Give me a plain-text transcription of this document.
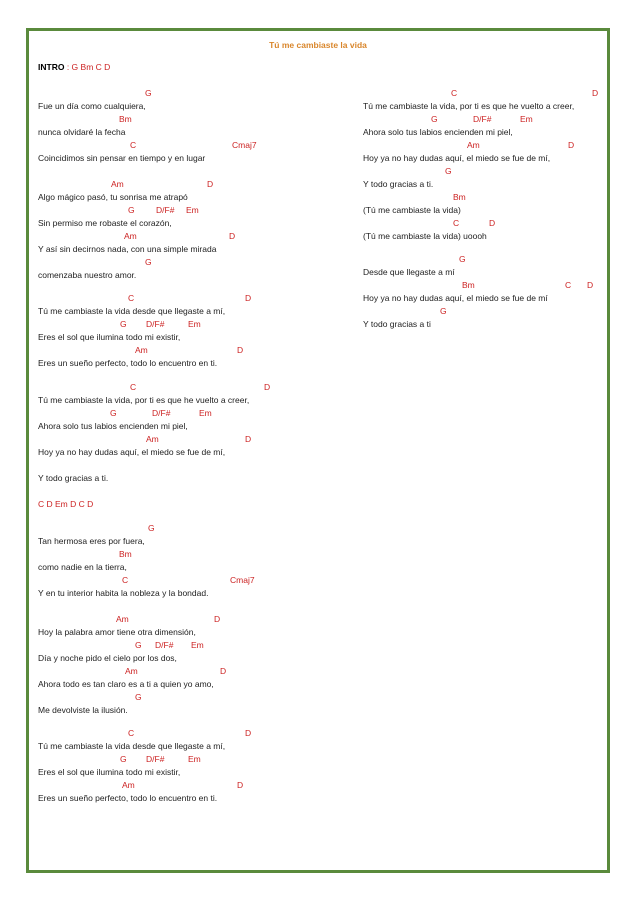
Tú me cambiaste la vida
INTRO : G Bm C D
G
Fue un día como cualquiera,
Bm
nunca olvidaré la fecha
C	Cmaj7
Coincidimos sin pensar en tiempo y en lugar
Am	D
Algo mágico pasó, tu sonrisa me atrapó
G	D/F# Em
Sin permiso me robaste el corazón,
Am	D
Y así sin decirnos nada, con una simple mirada
G
comenzaba nuestro amor.
C	D
Tú me cambiaste la vida desde que llegaste a mí,
G D/F#	Em
Eres el sol que ilumina todo mi existir,
Am	D
Eres un sueño perfecto, todo lo encuentro en ti.
C	D
Tú me cambiaste la vida, por ti es que he vuelto a creer,
G	D/F#	Em
Ahora solo tus labios encienden mi piel,
Am	D
Hoy ya no hay dudas aquí, el miedo se fue de mí,
Y todo gracias a ti.
C D Em D C D
G
Tan hermosa eres por fuera,
Bm
como nadie en la tierra,
C	Cmaj7
Y en tu interior habita la nobleza y la bondad.
Am	D
Hoy la palabra amor tiene otra dimensión,
G D/F# Em
Día y noche pido el cielo por los dos,
Am	D
Ahora todo es tan claro es a ti a quien yo amo,
G
Me devolviste la ilusión.
C	D
Tú me cambiaste la vida desde que llegaste a mí,
G D/F#	Em
Eres el sol que ilumina todo mi existir,
Am	D
Eres un sueño perfecto, todo lo encuentro en ti.
C	D
Tú me cambiaste la vida, por ti es que he vuelto a creer,
G	D/F#	Em
Ahora solo tus labios encienden mi piel,
Am	D
Hoy ya no hay dudas aquí, el miedo se fue de mí,
G
Y todo gracias a ti.
Bm
(Tú me cambiaste la vida)
C	D
(Tú me cambiaste la vida) uoooh
G
Desde que llegaste a mí
Bm	C D
Hoy ya no hay dudas aquí, el miedo se fue de mí
G
Y todo gracias a ti
